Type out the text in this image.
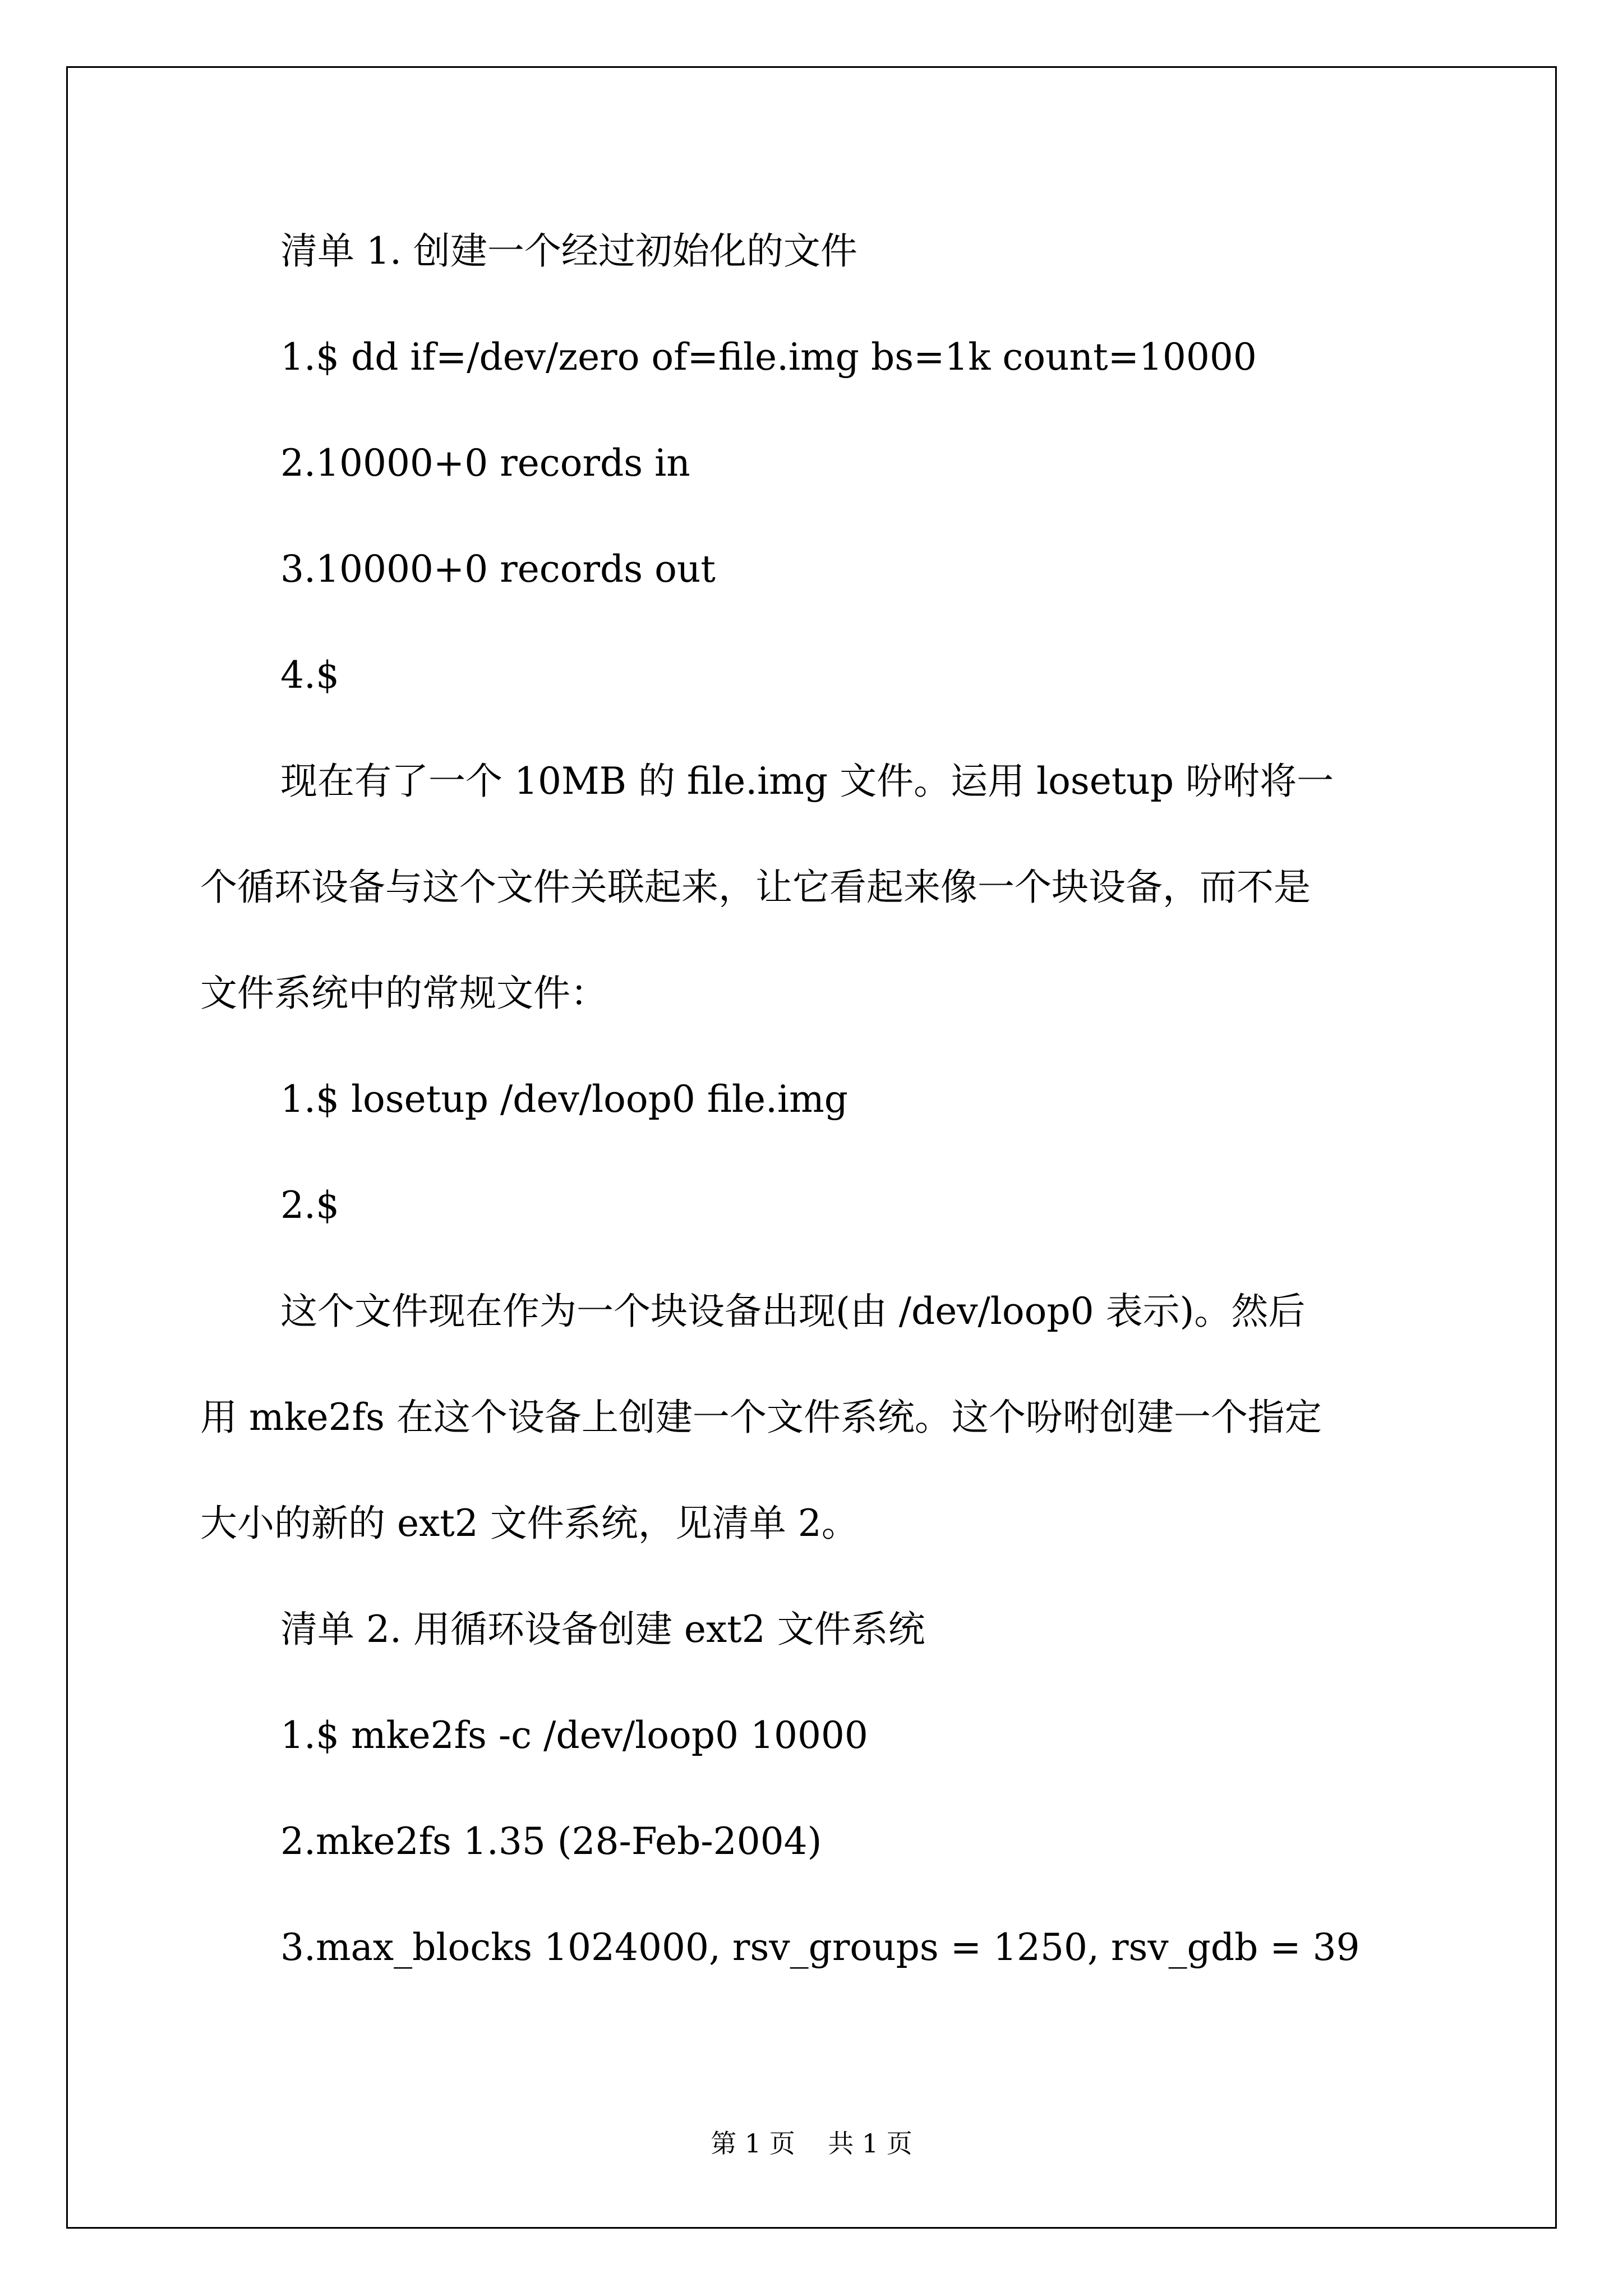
清单 1. 创建一个经过初始化的文件

1.$ dd if=/dev/zero of=file.img bs=1k count=10000

2.10000+0 records in

3.10000+0 records out

4.$

现在有了一个 10MB 的 file.img 文件。运用 losetup 吩咐将一

个循环设备与这个文件关联起来，让它看起来像一个块设备，而不是

文件系统中的常规文件：

1.$ losetup /dev/loop0 file.img

2.$

这个文件现在作为一个块设备出现(由 /dev/loop0 表示)。然后

用 mke2fs 在这个设备上创建一个文件系统。这个吩咐创建一个指定

大小的新的 ext2 文件系统，见清单 2。

清单 2. 用循环设备创建 ext2 文件系统

1.$ mke2fs -c /dev/loop0 10000

2.mke2fs 1.35 (28-Feb-2004)

3.max_blocks 1024000, rsv_groups = 1250, rsv_gdb = 39

第 1 页    共 1 页
